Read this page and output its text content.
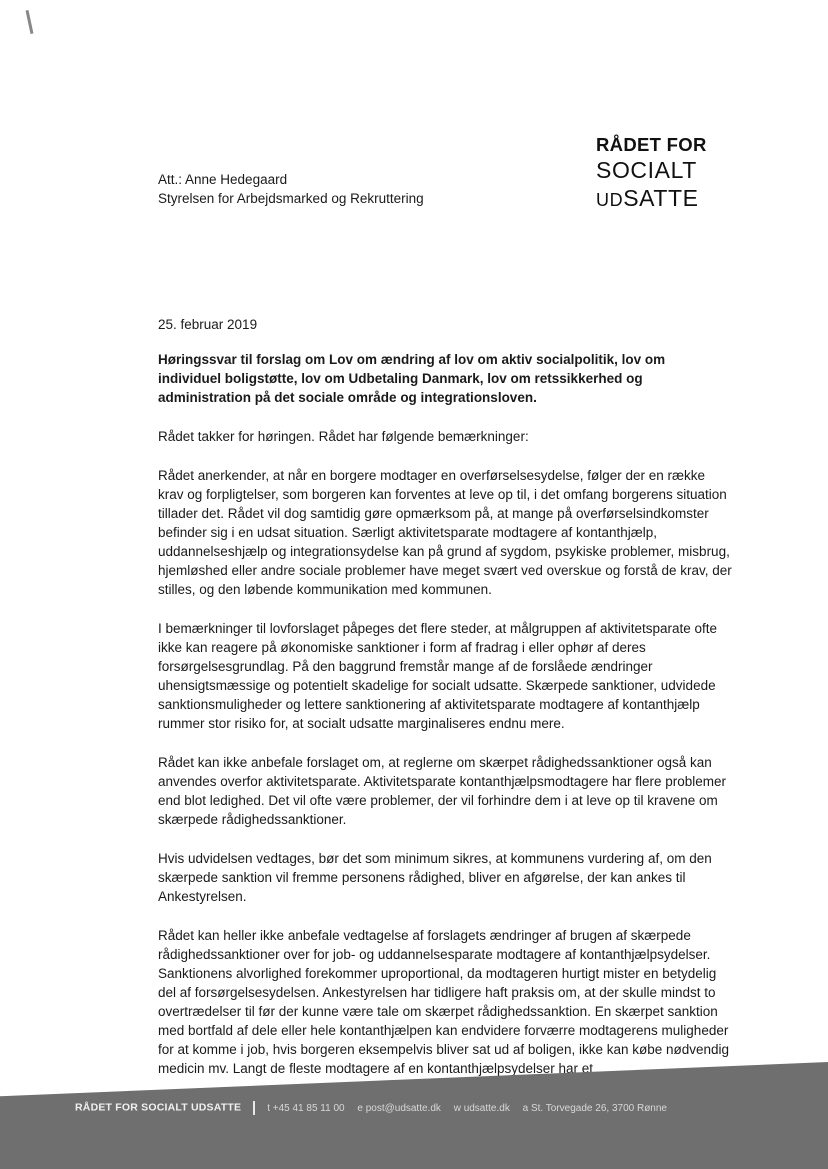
RÅDET FOR
SOCIALT
UDSATTE
Att.: Anne Hedegaard
Styrelsen for Arbejdsmarked og Rekruttering
25. februar 2019

Høringssvar til forslag om Lov om ændring af lov om aktiv socialpolitik, lov om individuel boligstøtte, lov om Udbetaling Danmark, lov om retssikkerhed og administration på det sociale område og integrationsloven.

Rådet takker for høringen. Rådet har følgende bemærkninger:

Rådet anerkender, at når en borgere modtager en overførselsesydelse, følger der en række krav og forpligtelser, som borgeren kan forventes at leve op til, i det omfang borgerens situation tillader det. Rådet vil dog samtidig gøre opmærksom på, at mange på overførselsindkomster befinder sig i en udsat situation. Særligt aktivitetsparate modtagere af kontanthjælp, uddannelseshjælp og integrationsydelse kan på grund af sygdom, psykiske problemer, misbrug, hjemløshed eller andre sociale problemer have meget svært ved overskue og forstå de krav, der stilles, og den løbende kommunikation med kommunen.

I bemærkninger til lovforslaget påpeges det flere steder, at målgruppen af aktivitetsparate ofte ikke kan reagere på økonomiske sanktioner i form af fradrag i eller ophør af deres forsørgelsesgrundlag. På den baggrund fremstår mange af de forslåede ændringer uhensigtsmæssige og potentielt skadelige for socialt udsatte. Skærpede sanktioner, udvidede sanktionsmuligheder og lettere sanktionering af aktivitetsparate modtagere af kontanthjælp rummer stor risiko for, at socialt udsatte marginaliseres endnu mere.

Rådet kan ikke anbefale forslaget om, at reglerne om skærpet rådighedssanktioner også kan anvendes overfor aktivitetsparate. Aktivitetsparate kontanthjælpsmodtagere har flere problemer end blot ledighed. Det vil ofte være problemer, der vil forhindre dem i at leve op til kravene om skærpede rådighedssanktioner.

Hvis udvidelsen vedtages, bør det som minimum sikres, at kommunens vurdering af, om den skærpede sanktion vil fremme personens rådighed, bliver en afgørelse, der kan ankes til Ankestyrelsen.

Rådet kan heller ikke anbefale vedtagelse af forslagets ændringer af brugen af skærpede rådighedssanktioner over for job- og uddannelsesparate modtagere af kontanthjælpsydelser. Sanktionens alvorlighed forekommer uproportional, da modtageren hurtigt mister en betydelig del af forsørgelsesydelsen. Ankestyrelsen har tidligere haft praksis om, at der skulle mindst to overtrædelser til før der kunne være tale om skærpet rådighedssanktion. En skærpet sanktion med bortfald af dele eller hele kontanthjælpen kan endvidere forværre modtagerens muligheder for at komme i job, hvis borgeren eksempelvis bliver sat ud af boligen, ikke kan købe nødvendig medicin mv. Langt de fleste modtagere af en kontanthjælpsydelser har et

RÅDET FOR SOCIALT UDSATTE	t +45 41 85 11 00 e post@udsatte.dk w udsatte.dk a St. Torvegade 26, 3700 Rønne
